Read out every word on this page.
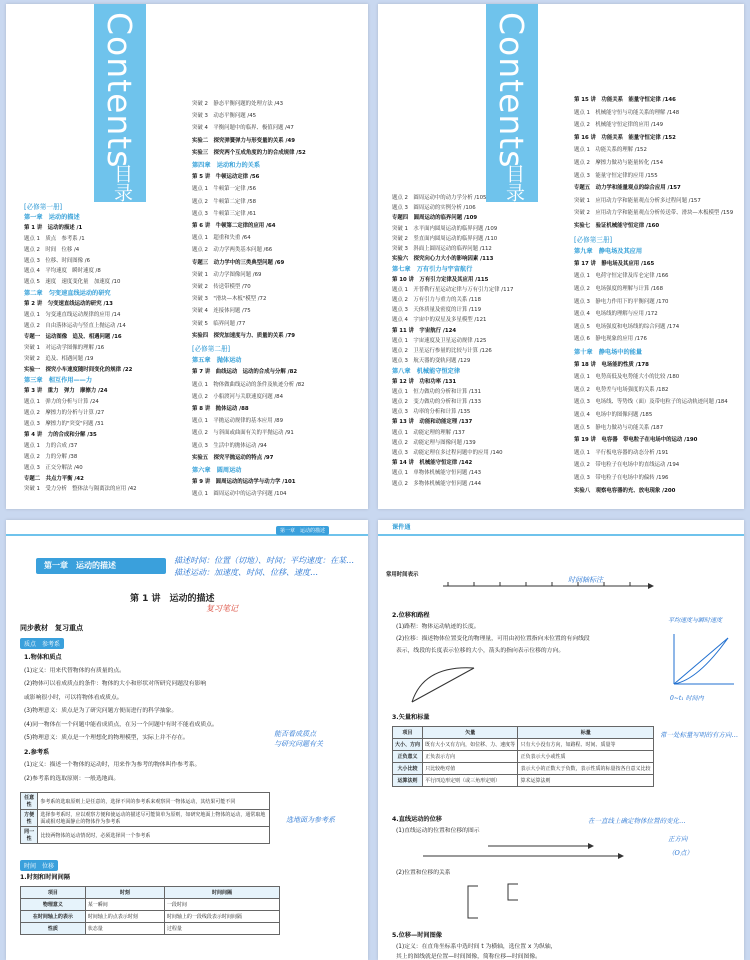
Contents
目录
[必修第一册]
第一章　运动的描述
第 1 讲　运动的描述 /1
题点 1　质点　参考系 /1
题点 2　时间　位移 /4
题点 3　位移、时间图像 /6
题点 4　平均速度　瞬时速度 /8
题点 5　速度　速度变化量　加速度 /10
第二章　匀变速直线运动的研究
第 2 讲　匀变速直线运动的研究 /13
题点 1　匀变速直线运动规律的应用 /14
题点 2　自由落体运动与竖直上抛运动 /14
专题一　运动图像　追及、相遇问题 /16
突破 1　对运动学图像的理解 /16
突破 2　追及、相遇问题 /19
实验一　探究小车速度随时间变化的规律 /22
第三章　相互作用——力
第 3 讲　重力　弹力　摩擦力 /24
题点 1　弹力的分析与计算 /24
题点 2　摩擦力的分析与计算 /27
题点 3　摩擦力的"突变"问题 /31
第 4 讲　力的合成和分解 /35
题点 1　力的合成 /37
题点 2　力的分解 /38
题点 3　正交分解法 /40
专题二　共点力平衡 /42
突破 1　受力分析　整体法与隔离法的应用 /42
突破 2　静态平衡问题的处理方法 /43
突破 3　动态平衡问题 /45
突破 4　平衡问题中的临界、极值问题 /47
实验二　探究弹簧弹力与形变量的关系 /49
实验三　探究两个互成角度的力的合成规律 /52
第四章　运动和力的关系
第 5 讲　牛顿运动定律 /56
题点 1　牛顿第一定律 /56
题点 2　牛顿第二定律 /58
题点 3　牛顿第三定律 /61
第 6 讲　牛顿第二定律的应用 /64
题点 1　超重和失重 /64
题点 2　动力学两类基本问题 /66
专题三　动力学中的三类典型问题 /69
突破 1　动力学图像问题 /69
突破 2　传送带模型 /70
突破 3　"滑块—木板"模型 /72
突破 4　连接体问题 /75
突破 5　临界问题 /77
实验四　探究加速度与力、质量的关系 /79
[必修第二册]
第五章　抛体运动
第 7 讲　曲线运动　运动的合成与分解 /82
题点 1　物体做曲线运动的条件及轨迹分析 /82
题点 2　小船渡河与关联速度问题 /84
第 8 讲　抛体运动 /88
题点 1　平抛运动规律的基本应用 /89
题点 2　与斜面或曲面有关的平抛运动 /91
题点 3　生活中的抛体运动 /94
实验五　探究平抛运动的特点 /97
第六章　圆周运动
第 9 讲　圆周运动的运动学与动力学 /101
题点 1　圆周运动中的运动学问题 /104
Contents
目录
题点 2　圆周运动中的动力学分析 /105
题点 3　圆周运动的实例分析 /106
专题四　圆周运动的临界问题 /109
突破 1　水平面内圆周运动的临界问题 /109
突破 2　竖直面内圆周运动的临界问题 /110
突破 3　斜面上圆周运动的临界问题 /112
实验六　探究向心力大小的影响因素 /113
第七章　万有引力与宇宙航行
第 10 讲　万有引力定律及其应用 /115
题点 1　开普勒行星运动定律与万有引力定律 /117
题点 2　万有引力与重力的关系 /118
题点 3　天体质量及密度的计算 /119
题点 4　宇宙中的双星及多星模型 /121
第 11 讲　宇宙航行 /124
题点 1　宇宙速度及卫星运动规律 /125
题点 2　卫星运行参量的比较与计算 /126
题点 3　航天器的变轨问题 /129
第八章　机械能守恒定律
第 12 讲　功和功率 /131
题点 1　恒力做功的分析和计算 /131
题点 2　变力做功的分析和计算 /133
题点 3　功率的分析和计算 /135
第 13 讲　动能和动能定理 /137
题点 1　动能定理的理解 /137
题点 2　动能定理与图像问题 /139
题点 3　动能定理在多过程问题中的应用 /140
第 14 讲　机械能守恒定律 /142
题点 1　单物体机械能守恒问题 /143
题点 2　多物体机械能守恒问题 /144
第 15 讲　功能关系　能量守恒定律 /146
题点 1　机械能守恒与功能关系的理解 /148
题点 2　机械能守恒定律的应用 /149
第 16 讲　功能关系　能量守恒定律 /152
题点 1　功能关系的理解 /152
题点 2　摩擦力做功与能量转化 /154
题点 3　能量守恒定律的应用 /155
专题五　动力学和能量观点的综合应用 /157
突破 1　应用动力学和能量观点分析多过程问题 /157
突破 2　应用动力学和能量观点分析传送带、滑块—木板模型 /159
实验七　验证机械能守恒定律 /160
[必修第三册]
第九章　静电场及其应用
第 17 讲　静电场及其应用 /165
题点 1　电荷守恒定律及库仑定律 /166
题点 2　电场强度的理解与计算 /168
题点 3　静电力作用下的平衡问题 /170
题点 4　电场线的理解与应用 /172
题点 5　电场强度和电场线的综合问题 /174
题点 6　静电现象的应用 /176
第十章　静电场中的能量
第 18 讲　电场能的性质 /178
题点 1　电势高低及电势能大小的比较 /180
题点 2　电势差与电场强度的关系 /182
题点 3　电场线、等势线（面）及带电粒子的运动轨迹问题 /184
题点 4　电场中的图像问题 /185
题点 5　静电力做功与功能关系 /187
第 19 讲　电容器　带电粒子在电场中的运动 /190
题点 1　平行板电容器的动态分析 /191
题点 2　带电粒子在电场中的直线运动 /194
题点 3　带电粒子在电场中的偏转 /196
实验八　观察电容器的充、放电现象 /200
第一章　运动的描述
第一章　运动的描述
描述时间：位置（切地）、时间；平均速度：在某…
描述运动：加速度、时间、位移、速度…
第 1 讲　运动的描述
同步教材　复习重点
复习笔记
质点　参考系
1.物体和质点
(1)定义：用来代替物体的有质量的点。
(2)物体可以看成质点的条件：物体的大小和形状对所研究问题没有影响
或影响很小时，可以将物体看成质点。
(3)物理意义：质点是为了研究问题方便而进行的科学抽象。
(4)同一物体在一个问题中能看成质点，在另一个问题中有时不能看成质点。
(5)物理意义：质点是一个理想化的物理模型，实际上并不存在。
2.参考系
(1)定义：描述一个物体的运动时，用来作为参考的物体叫作参考系。
(2)参考系的选取原则：一般选地面。
能否看成质点
与研究问题有关
选地面为参考系
任意性	参考系的选取原则上是任意的，选择不同的参考系来观察同一物体运动，其结果可能不同
方便性	选择参考系时，应以观察方便和使运动的描述尽可能简单为原则，如研究地面上物体的运动，通常取地面或相对地面静止的物体作为参考系
同一性	比较两物体的运动情况时，必须选择同一个参考系
时间　位移
1.时刻和时间间隔
项目	时刻	时间间隔
物理意义	某一瞬间	一段时间
在时间轴上的表示	时间轴上的点表示时刻	时间轴上的一段线段表示时间间隔
性质	状态量	过程量
课件通
常用时间表示
2.位移和路程
(1)路程：物体运动轨迹的长度。
(2)位移：描述物体位置变化的物理量，可用由初位置指向末位置的有向线段
表示，线段的长度表示位移的大小，箭头的指向表示位移的方向。
3.矢量和标量
项目	矢量	标量
大小、方向	既有大小又有方向，如位移、力、速度等	只有大小没有方向，如路程、时间、质量等
正负意义	正负表示方向	正负表示大小或性质
大小比较	只比较绝对值	表示大小的正数大于负数，表示性质的标量按各自意义比较
运算法则	平行四边形定则（或三角形定则）	算术运算法则
4.直线运动的位移
(1)直线运动的位置和位移的图示
(2)位置和位移的关系
(1)定义：在直角坐标系中选时间 t 为横轴，选位置 x 为纵轴，
其上的图线就是位置—时间图像，简称位移—时间图像。
5.位移—时间图像
时间轴标注
平均速度与瞬时速度
0~t₁ 时间内
常一处标量写明的有方向…
在一直线上确定物体位置的变化…
正方向
（O点）
